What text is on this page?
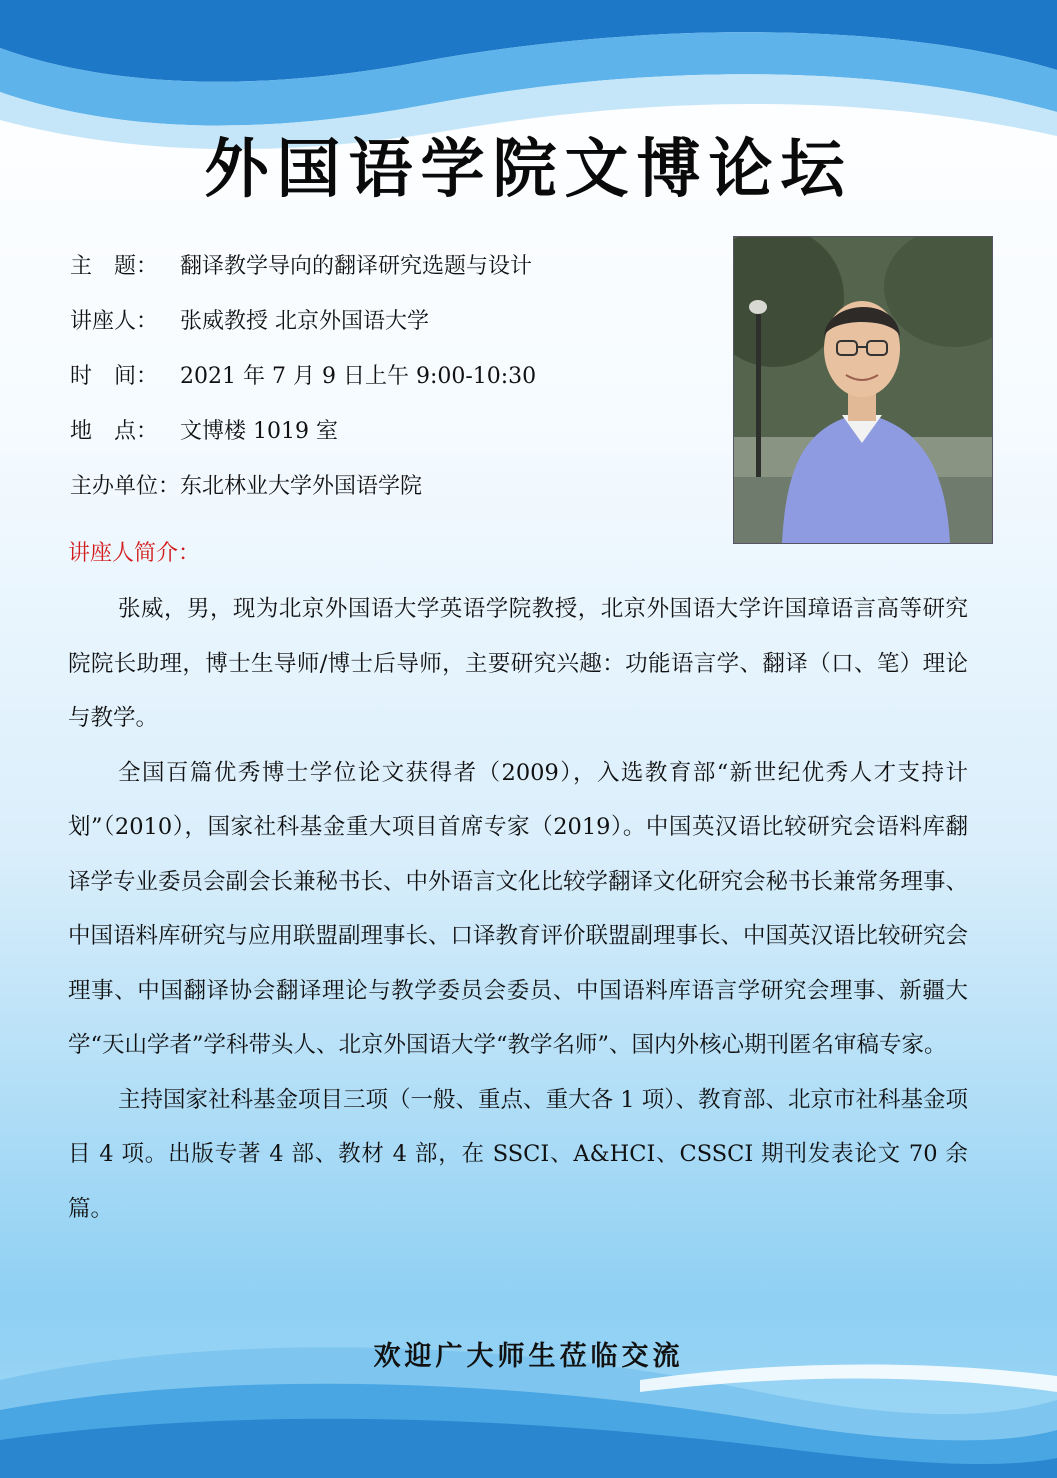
外国语学院文博论坛
主　题： 翻译教学导向的翻译研究选题与设计
讲座人： 张威教授 北京外国语大学
时　间： 2021 年 7 月 9 日上午 9:00-10:30
地　点： 文博楼 1019 室
主办单位：东北林业大学外国语学院
讲座人简介：

张威，男，现为北京外国语大学英语学院教授，北京外国语大学许国璋语言高等研究院院长助理，博士生导师/博士后导师，主要研究兴趣：功能语言学、翻译（口、笔）理论与教学。

全国百篇优秀博士学位论文获得者（2009），入选教育部“新世纪优秀人才支持计划”（2010），国家社科基金重大项目首席专家（2019）。中国英汉语比较研究会语料库翻译学专业委员会副会长兼秘书长、中外语言文化比较学翻译文化研究会秘书长兼常务理事、中国语料库研究与应用联盟副理事长、口译教育评价联盟副理事长、中国英汉语比较研究会理事、中国翻译协会翻译理论与教学委员会委员、中国语料库语言学研究会理事、新疆大学“天山学者”学科带头人、北京外国语大学“教学名师”、国内外核心期刊匿名审稿专家。

主持国家社科基金项目三项（一般、重点、重大各 1 项）、教育部、北京市社科基金项目 4 项。出版专著 4 部、教材 4 部，在 SSCI、A&HCI、CSSCI 期刊发表论文 70 余篇。

欢迎广大师生莅临交流
